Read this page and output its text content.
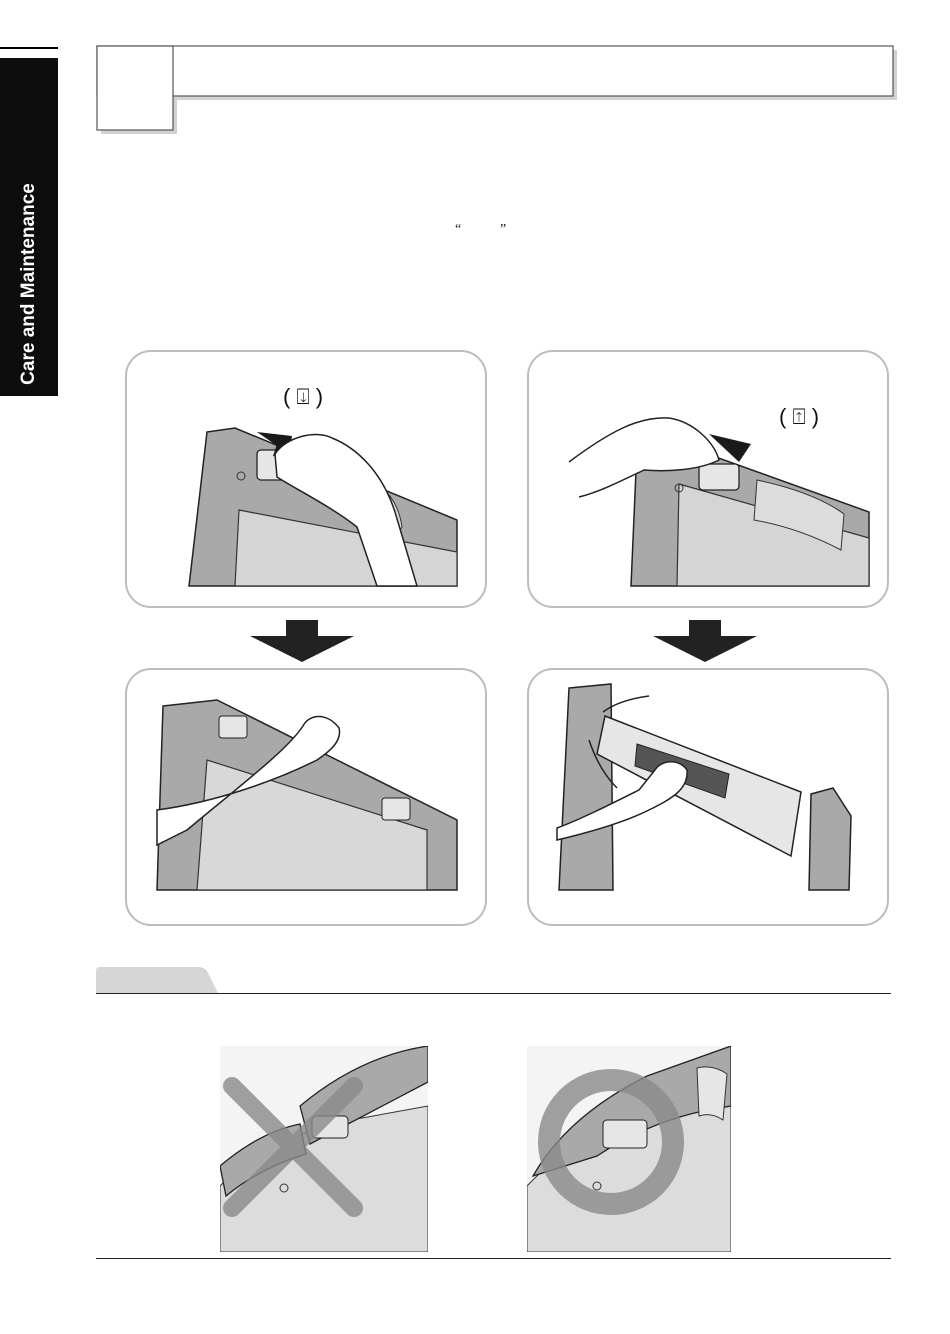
Care and Maintenance	“	”
( ⍗ )
( ⍐ )
